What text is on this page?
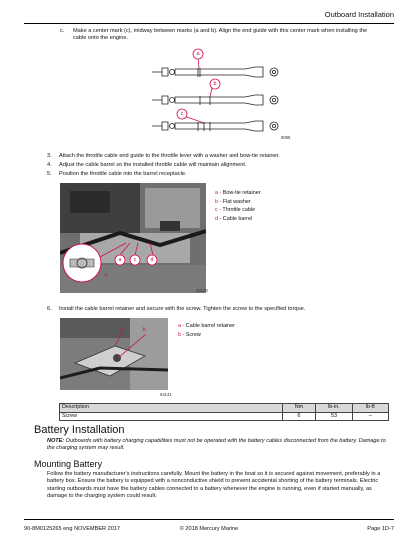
Outboard Installation
c. Make a center mark (c), midway between marks (a and b). Align the end guide with this center mark when installing the cable onto the engine.
a
b
c
8096
3. Attach the throttle cable end guide to the throttle lever with a washer and bow-tie retainer.
4. Adjust the cable barrel so the installed throttle cable will maintain alignment.
5. Position the throttle cable into the barrel receptacle.
a
b
c	d
63129
a - Bow-tie retainer
b - Flat washer
c - Throttle cable
d - Cable barrel
6. Install the cable barrel retainer and secure with the screw. Tighten the screw to the specified torque.
a	b
63131
a - Cable barrel retainer
b - Screw
Description	Nm	lb-in.	lb-ft
Screw	6	53	–
Battery Installation
NOTE: Outboards with battery charging capabilities must not be operated with the battery cables disconnected from the battery. Damage to the charging system may result.
Mounting Battery
Follow the battery manufacturer's instructions carefully. Mount the battery in the boat so it is secured against movement, preferably in a battery box. Ensure the battery is equipped with a nonconductive shield to prevent accidental shorting of the battery terminals. Electric starting outboards must have the battery cables connected to a battery whenever the engine is running, even if started manually, as damage to the charging system could result.
90-8M0125265 eng NOVEMBER 2017	© 2018 Mercury Marine	Page 1D-7
